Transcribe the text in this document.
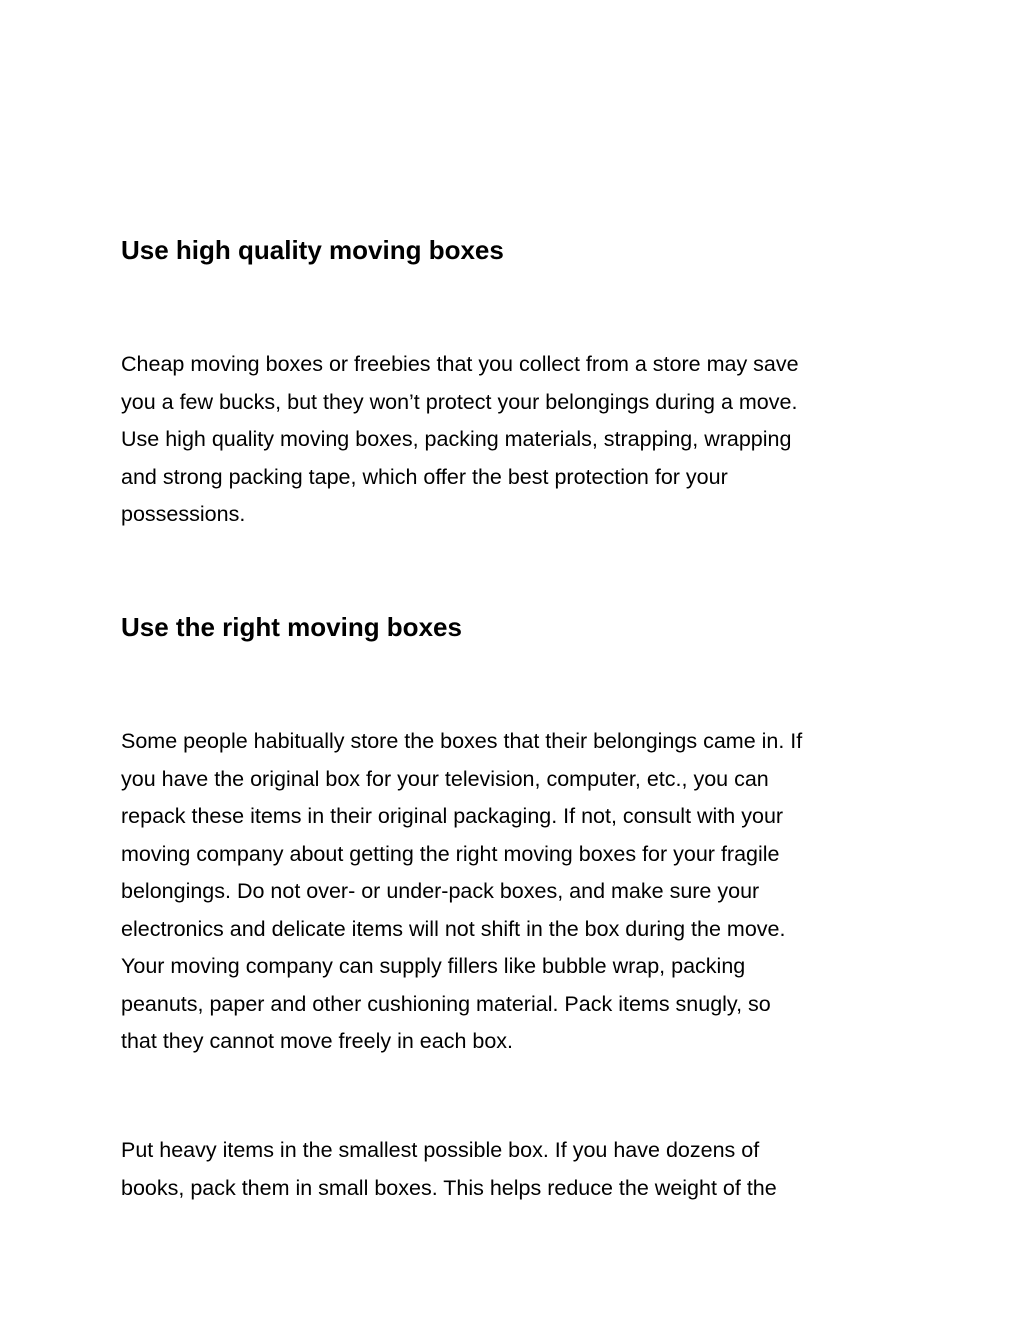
Use high quality moving boxes
Cheap moving boxes or freebies that you collect from a store may save
you a few bucks, but they won’t protect your belongings during a move.
Use high quality moving boxes, packing materials, strapping, wrapping
and strong packing tape, which offer the best protection for your
possessions.
Use the right moving boxes
Some people habitually store the boxes that their belongings came in. If
you have the original box for your television, computer, etc., you can
repack these items in their original packaging. If not, consult with your
moving company about getting the right moving boxes for your fragile
belongings. Do not over- or under-pack boxes, and make sure your
electronics and delicate items will not shift in the box during the move.
Your moving company can supply fillers like bubble wrap, packing
peanuts, paper and other cushioning material. Pack items snugly, so
that they cannot move freely in each box.
Put heavy items in the smallest possible box. If you have dozens of
books, pack them in small boxes. This helps reduce the weight of the
